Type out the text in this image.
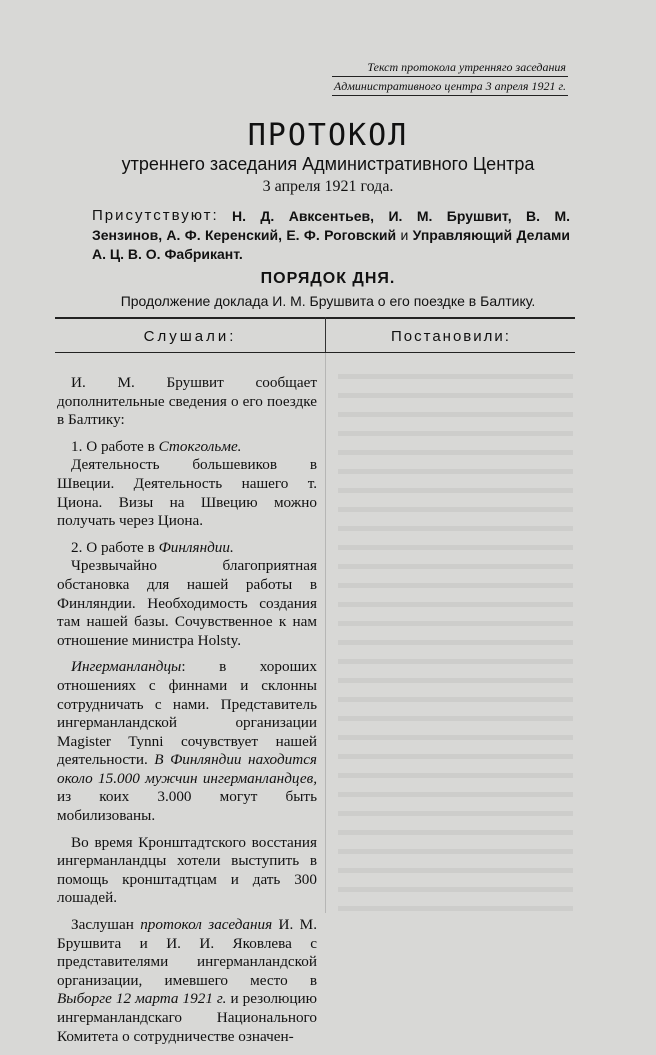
Текст протокола утренняго заседания
Административного центра 3 апреля 1921 г.
ПРОТОКОЛ
утреннего заседания Административного Центра
3 апреля 1921 года.
Присутствуют: Н. Д. Авксентьев, И. М. Брушвит, В. М. Зензинов, А. Ф. Керенский, Е. Ф. Роговский и Управляющий Делами А. Ц. В. О. Фабрикант.
ПОРЯДОК ДНЯ.
Продолжение доклада И. М. Брушвита о его поездке в Балтику.
Слушали:	Постановили:

И. М. Брушвит сообщает дополнительные сведения о его поездке в Балтику:

1. О работе в Стокгольме.

Деятельность большевиков в Швеции. Деятельность нашего т. Циона. Визы на Швецию можно получать через Циона.

2. О работе в Финляндии.

Чрезвычайно благоприятная обстановка для нашей работы в Финляндии. Необходимость создания там нашей базы. Сочувственное к нам отношение министра Holsty.

Ингерманландцы: в хороших отношениях с финнами и склонны сотрудничать с нами. Представитель ингерманландской организации Magister Tynni сочувствует нашей деятельности. В Финляндии находится около 15.000 мужчин ингерманландцев, из коих 3.000 могут быть мобилизованы.

Во время Кронштадтского восстания ингерманландцы хотели выступить в помощь кронштадтцам и дать 300 лошадей.

Заслушан протокол заседания И. М. Брушвита и И. И. Яковлева с представителями ингерманландской организации, имевшего место в Выборге 12 марта 1921 г. и резолюцию ингерманландскаго Национального Комитета о сотрудничестве означен-
